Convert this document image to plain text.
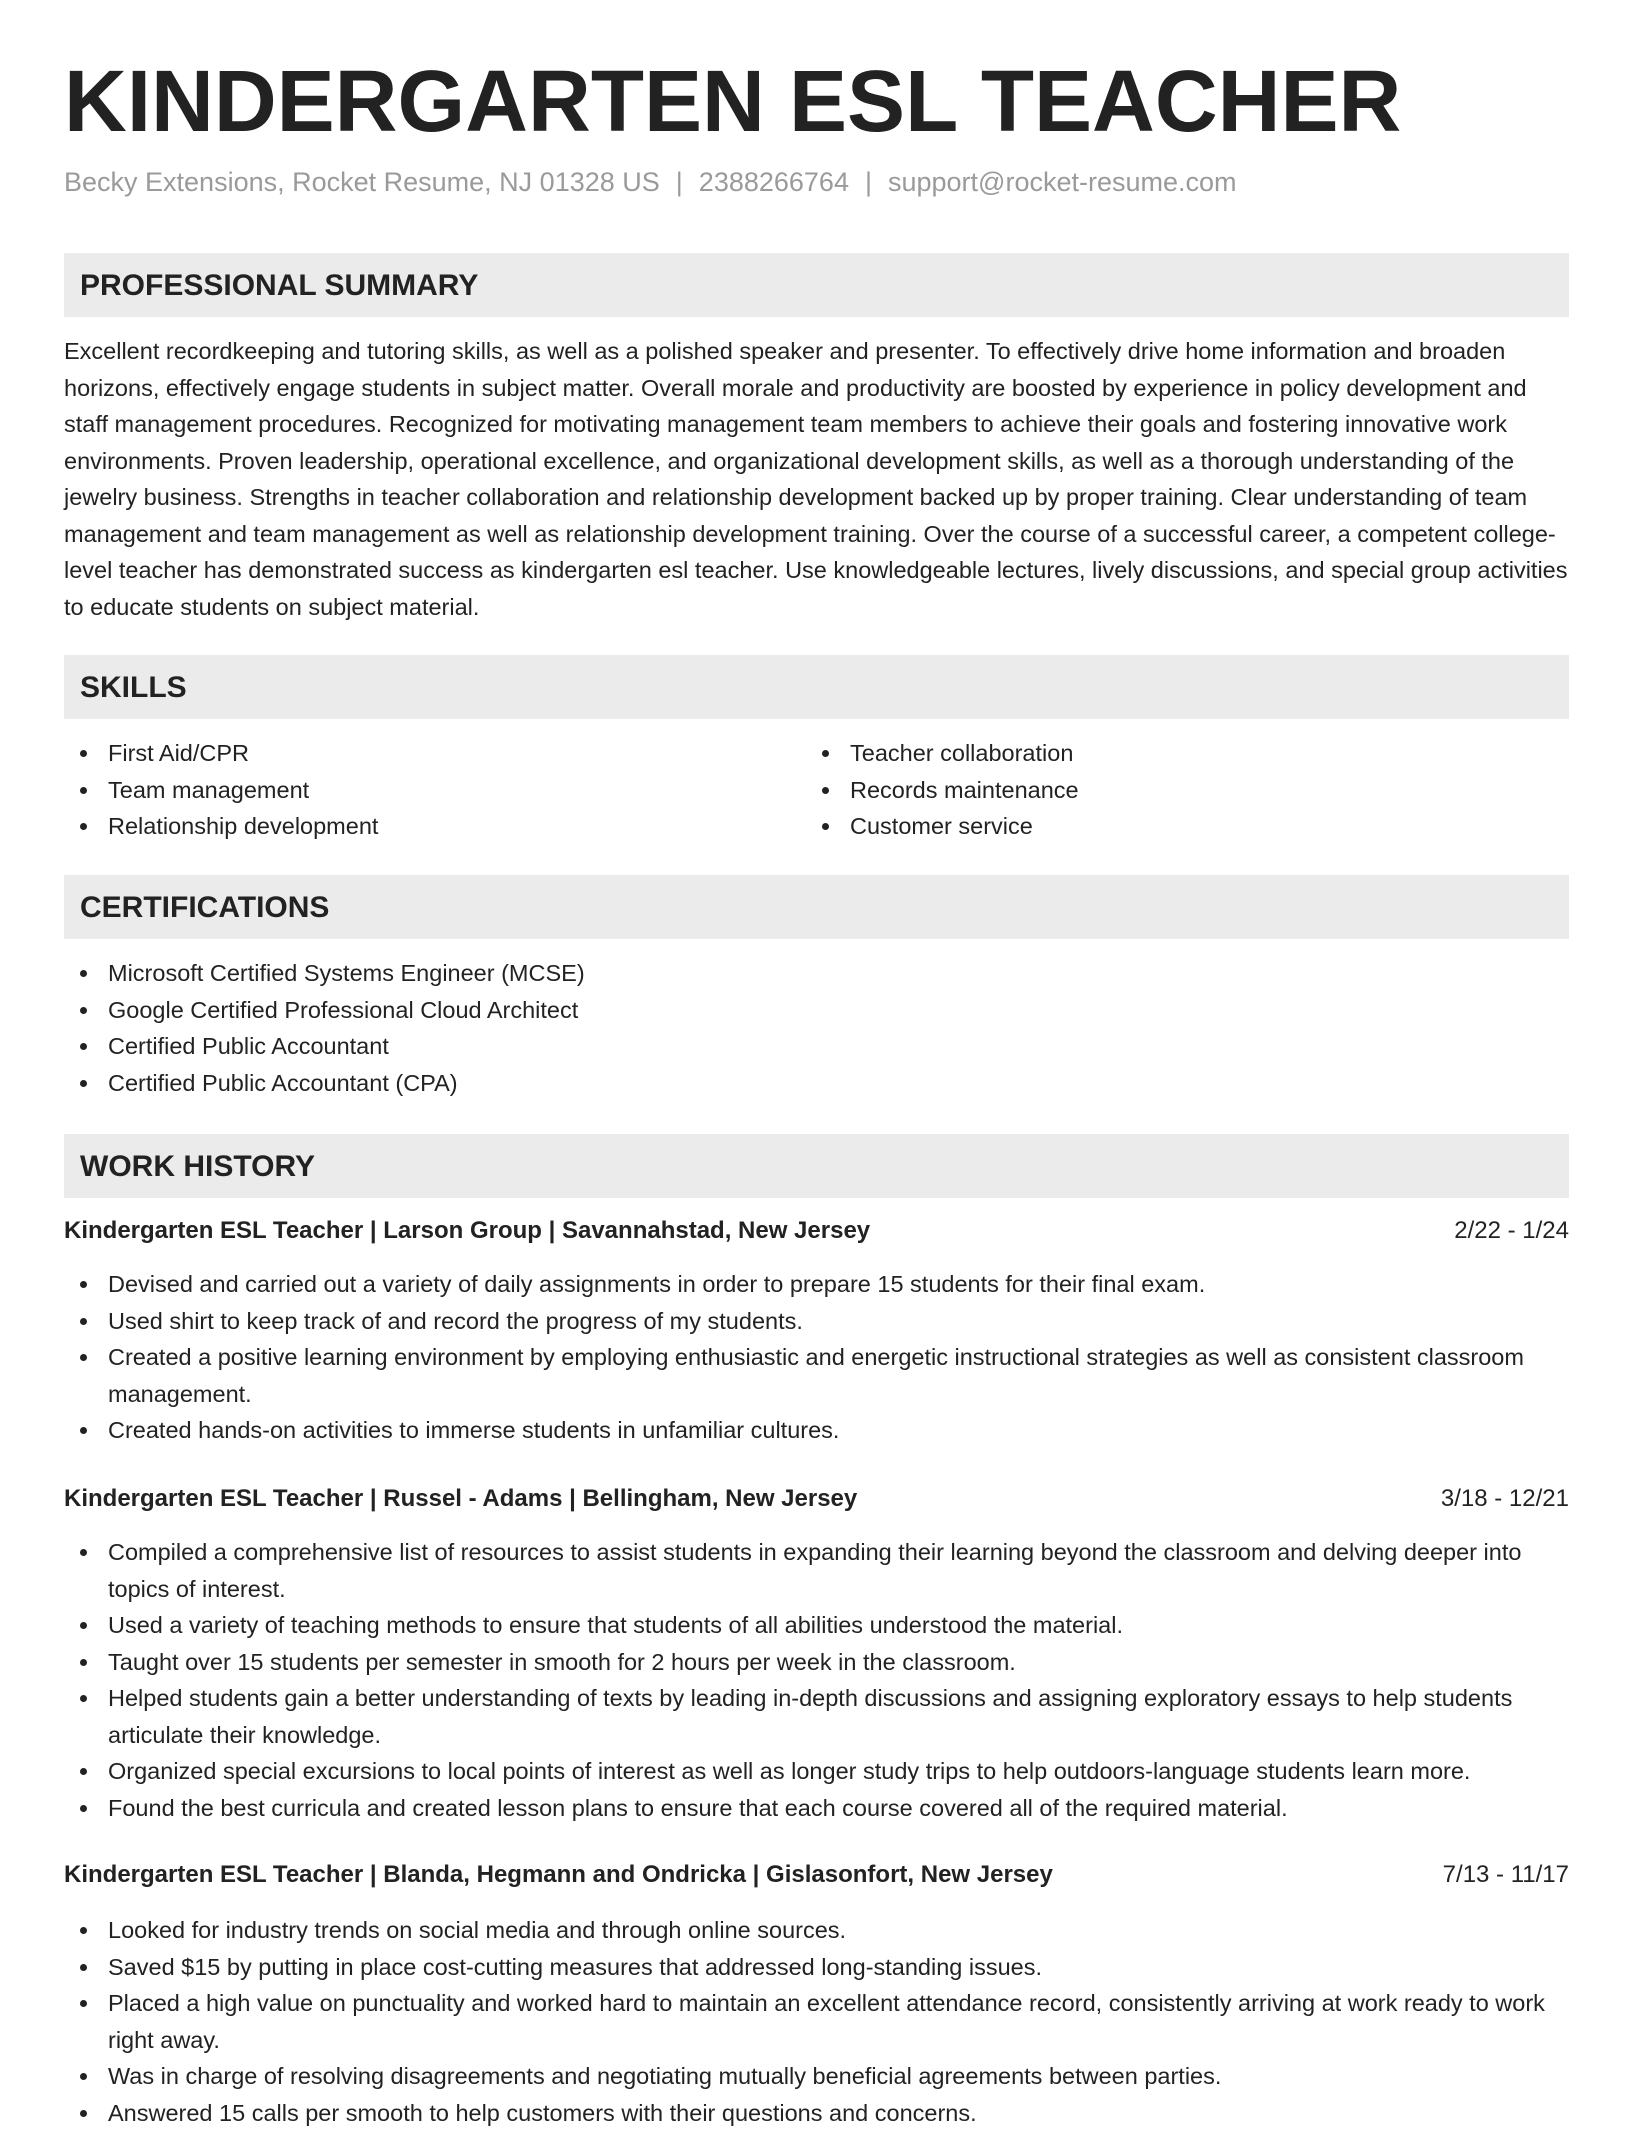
KINDERGARTEN ESL TEACHER
Becky Extensions, Rocket Resume, NJ 01328 US | 2388266764 | support@rocket-resume.com
PROFESSIONAL SUMMARY
Excellent recordkeeping and tutoring skills, as well as a polished speaker and presenter. To effectively drive home information and broaden horizons, effectively engage students in subject matter. Overall morale and productivity are boosted by experience in policy development and staff management procedures. Recognized for motivating management team members to achieve their goals and fostering innovative work environments. Proven leadership, operational excellence, and organizational development skills, as well as a thorough understanding of the jewelry business. Strengths in teacher collaboration and relationship development backed up by proper training. Clear understanding of team management and team management as well as relationship development training. Over the course of a successful career, a competent college-level teacher has demonstrated success as kindergarten esl teacher. Use knowledgeable lectures, lively discussions, and special group activities to educate students on subject material.
SKILLS
First Aid/CPR
Team management
Relationship development
Teacher collaboration
Records maintenance
Customer service
CERTIFICATIONS
Microsoft Certified Systems Engineer (MCSE)
Google Certified Professional Cloud Architect
Certified Public Accountant
Certified Public Accountant (CPA)
WORK HISTORY
Kindergarten ESL Teacher | Larson Group | Savannahstad, New Jersey	2/22 - 1/24
Devised and carried out a variety of daily assignments in order to prepare 15 students for their final exam.
Used shirt to keep track of and record the progress of my students.
Created a positive learning environment by employing enthusiastic and energetic instructional strategies as well as consistent classroom management.
Created hands-on activities to immerse students in unfamiliar cultures.
Kindergarten ESL Teacher | Russel - Adams | Bellingham, New Jersey	3/18 - 12/21
Compiled a comprehensive list of resources to assist students in expanding their learning beyond the classroom and delving deeper into topics of interest.
Used a variety of teaching methods to ensure that students of all abilities understood the material.
Taught over 15 students per semester in smooth for 2 hours per week in the classroom.
Helped students gain a better understanding of texts by leading in-depth discussions and assigning exploratory essays to help students articulate their knowledge.
Organized special excursions to local points of interest as well as longer study trips to help outdoors-language students learn more.
Found the best curricula and created lesson plans to ensure that each course covered all of the required material.
Kindergarten ESL Teacher | Blanda, Hegmann and Ondricka | Gislasonfort, New Jersey	7/13 - 11/17
Looked for industry trends on social media and through online sources.
Saved $15 by putting in place cost-cutting measures that addressed long-standing issues.
Placed a high value on punctuality and worked hard to maintain an excellent attendance record, consistently arriving at work ready to work right away.
Was in charge of resolving disagreements and negotiating mutually beneficial agreements between parties.
Answered 15 calls per smooth to help customers with their questions and concerns.
